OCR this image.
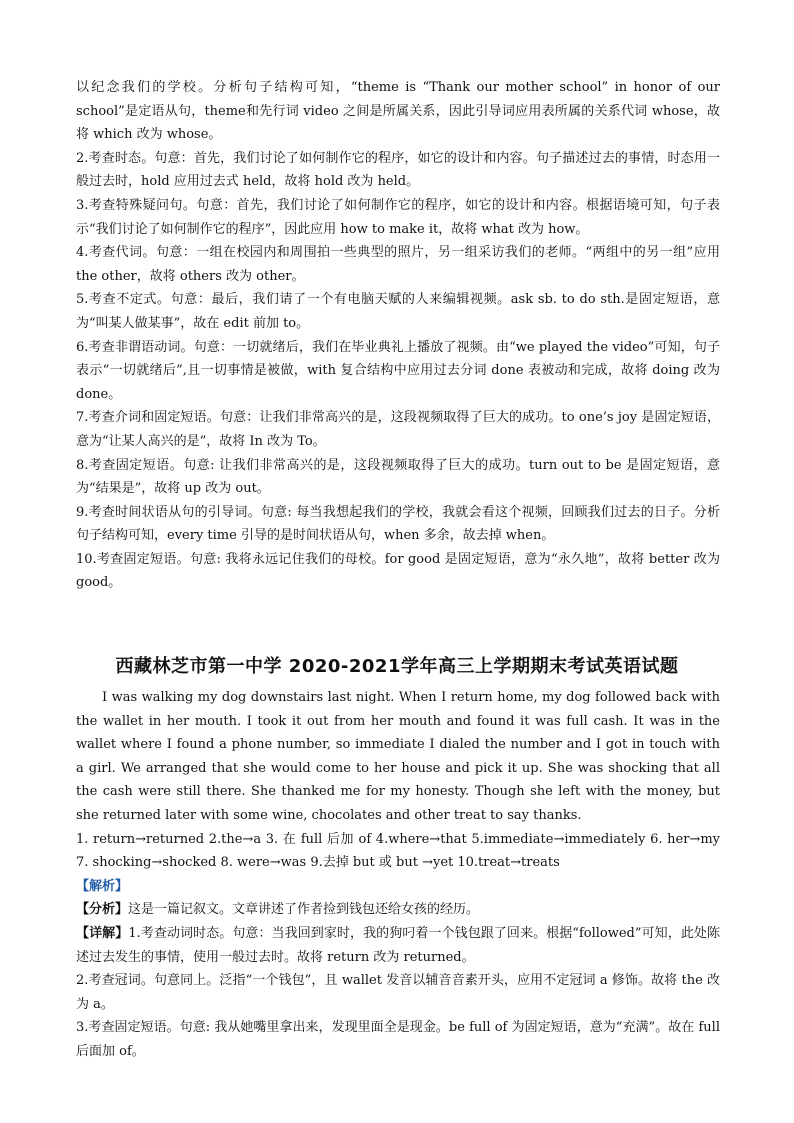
以纪念我们的学校。分析句子结构可知，“theme is “Thank our mother school” in honor of our school”是定语从句，theme和先行词 video 之间是所属关系，因此引导词应用表所属的关系代词 whose，故将 which 改为 whose。

2.考查时态。句意：首先，我们讨论了如何制作它的程序，如它的设计和内容。句子描述过去的事情，时态用一般过去时，hold 应用过去式 held，故将 hold 改为 held。

3.考查特殊疑问句。句意：首先，我们讨论了如何制作它的程序，如它的设计和内容。根据语境可知，句子表示“我们讨论了如何制作它的程序”，因此应用 how to make it，故将 what 改为 how。

4.考查代词。句意：一组在校园内和周围拍一些典型的照片，另一组采访我们的老师。“两组中的另一组”应用 the other，故将 others 改为 other。

5.考查不定式。句意：最后，我们请了一个有电脑天赋的人来编辑视频。ask sb. to do sth.是固定短语，意为“叫某人做某事”，故在 edit 前加 to。

6.考查非谓语动词。句意：一切就绪后，我们在毕业典礼上播放了视频。由“we played the video”可知，句子表示“一切就绪后”,且一切事情是被做，with 复合结构中应用过去分词 done 表被动和完成，故将 doing 改为 done。

7.考查介词和固定短语。句意：让我们非常高兴的是，这段视频取得了巨大的成功。to one’s joy 是固定短语，意为“让某人高兴的是”，故将 In 改为 To。

8.考查固定短语。句意: 让我们非常高兴的是，这段视频取得了巨大的成功。turn out to be 是固定短语，意为“结果是”，故将 up 改为 out。

9.考查时间状语从句的引导词。句意: 每当我想起我们的学校，我就会看这个视频，回顾我们过去的日子。分析句子结构可知，every time 引导的是时间状语从句，when 多余，故去掉 when。

10.考查固定短语。句意: 我将永远记住我们的母校。for good 是固定短语，意为“永久地”，故将 better 改为 good。

西藏林芝市第一中学 2020-2021学年高三上学期期末考试英语试题

I was walking my dog downstairs last night. When I return home, my dog followed back with the wallet in her mouth. I took it out from her mouth and found it was full cash. It was in the wallet where I found a phone number, so immediate I dialed the number and I got in touch with a girl. We arranged that she would come to her house and pick it up. She was shocking that all the cash were still there. She thanked me for my honesty. Though she left with the money, but she returned later with some wine, chocolates and other treat to say thanks.

1. return→returned 2.the→a 3. 在 full 后加 of 4.where→that 5.immediate→immediately 6. her→my 7. shocking→shocked 8. were→was 9.去掉 but 或 but →yet 10.treat→treats

【解析】

【分析】这是一篇记叙文。文章讲述了作者捡到钱包还给女孩的经历。

【详解】1.考查动词时态。句意：当我回到家时，我的狗叼着一个钱包跟了回来。根据“followed”可知，此处陈述过去发生的事情，使用一般过去时。故将 return 改为 returned。

2.考查冠词。句意同上。泛指“一个钱包”，且 wallet 发音以辅音音素开头，应用不定冠词 a 修饰。故将 the 改为 a。

3.考查固定短语。句意: 我从她嘴里拿出来，发现里面全是现金。be full of 为固定短语，意为“充满”。故在 full 后面加 of。
